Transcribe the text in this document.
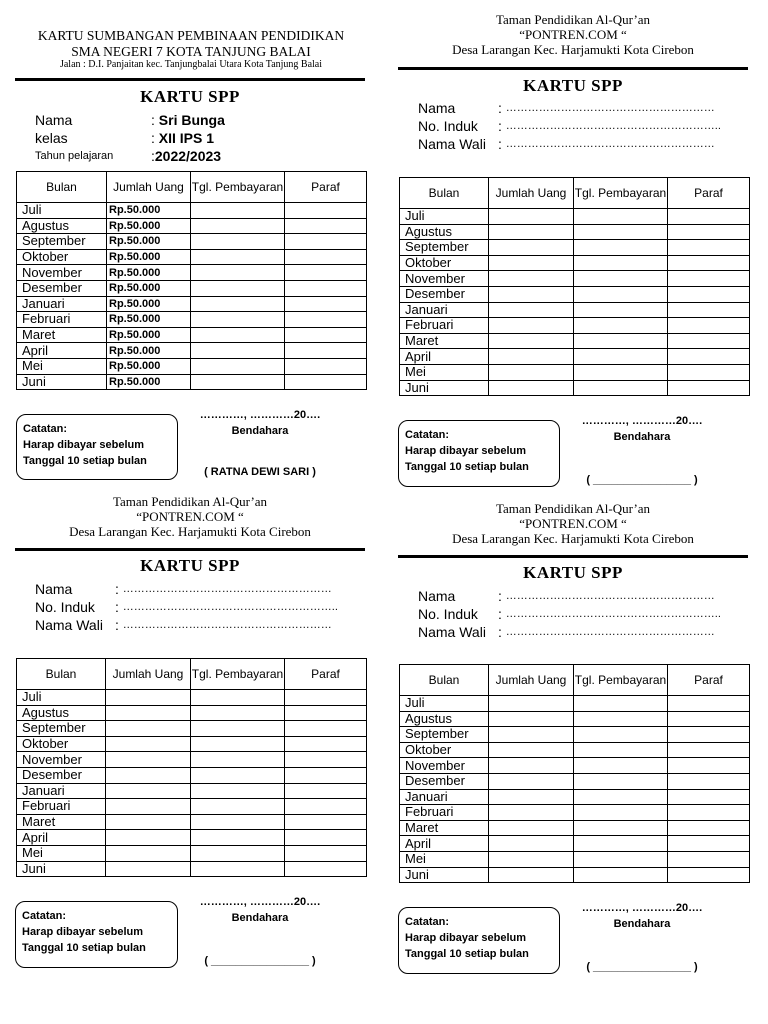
KARTU SUMBANGAN PEMBINAAN PENDIDIKAN
SMA NEGERI 7 KOTA TANJUNG BALAI
Jalan : D.I. Panjaitan kec. Tanjungbalai Utara Kota Tanjung Balai
KARTU SPP
Nama	: Sri Bunga
kelas	: XII IPS 1
Tahun pelajaran	: 2022/2023
Bulan	Jumlah Uang	Tgl. Pembayaran	Paraf
Juli	Rp.50.000		
Agustus	Rp.50.000		
September	Rp.50.000		
Oktober	Rp.50.000		
November	Rp.50.000		
Desember	Rp.50.000		
Januari	Rp.50.000		
Februari	Rp.50.000		
Maret	Rp.50.000		
April	Rp.50.000		
Mei	Rp.50.000		
Juni	Rp.50.000		
Catatan:
Harap dibayar sebelum
Tanggal 10 setiap bulan
…………, …………20….
Bendahara
( RATNA DEWI SARI )
Taman Pendidikan Al-Qur’an
“PONTREN.COM “
Desa Larangan Kec. Harjamukti Kota Cirebon
KARTU SPP
Nama	: …………………………………………………
No. Induk	: …………………………………………………..
Nama Wali : …………………………………………………
Bulan	Jumlah Uang	Tgl. Pembayaran	Paraf
Juli			
Agustus			
September			
Oktober			
November			
Desember			
Januari			
Februari			
Maret			
April			
Mei			
Juni			
Catatan:
Harap dibayar sebelum
Tanggal 10 setiap bulan
…………, …………20….
Bendahara
( ________________ )
Taman Pendidikan Al-Qur’an
“PONTREN.COM “
Desa Larangan Kec. Harjamukti Kota Cirebon
KARTU SPP
Nama	: …………………………………………………
No. Induk	: …………………………………………………..
Nama Wali : …………………………………………………
Bulan	Jumlah Uang	Tgl. Pembayaran	Paraf
Juli			
Agustus			
September			
Oktober			
November			
Desember			
Januari			
Februari			
Maret			
April			
Mei			
Juni			
Catatan:
Harap dibayar sebelum
Tanggal 10 setiap bulan
…………, …………20….
Bendahara
( ________________ )
Taman Pendidikan Al-Qur’an
“PONTREN.COM “
Desa Larangan Kec. Harjamukti Kota Cirebon
KARTU SPP
Nama	: …………………………………………………
No. Induk	: …………………………………………………..
Nama Wali : …………………………………………………
Bulan	Jumlah Uang	Tgl. Pembayaran	Paraf
Juli			
Agustus			
September			
Oktober			
November			
Desember			
Januari			
Februari			
Maret			
April			
Mei			
Juni			
Catatan:
Harap dibayar sebelum
Tanggal 10 setiap bulan
…………, …………20….
Bendahara
( ________________ )
